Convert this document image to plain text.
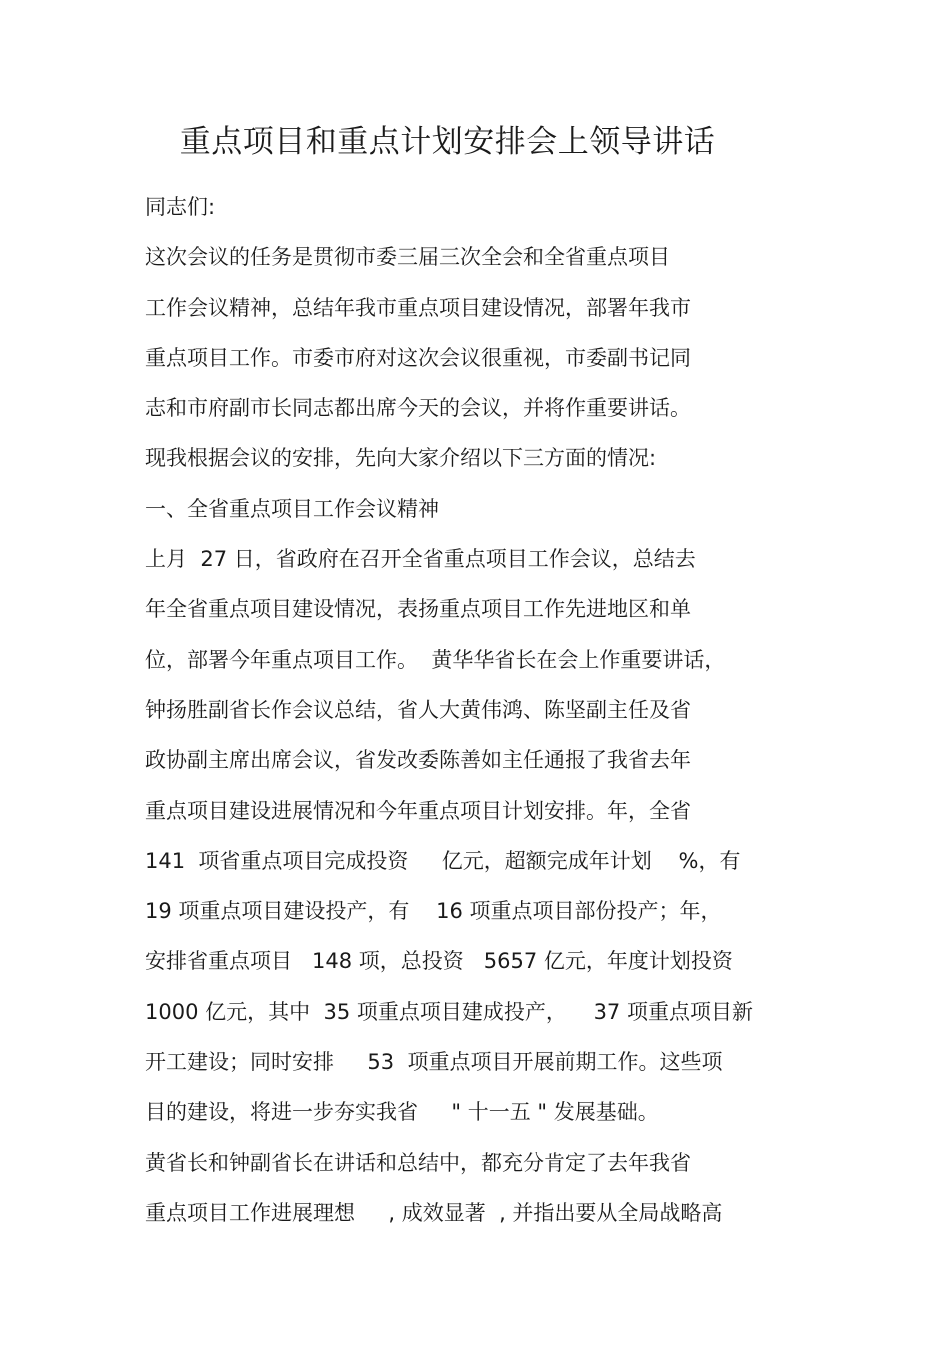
重点项目和重点计划安排会上领导讲话

同志们:

这次会议的任务是贯彻市委三届三次全会和全省重点项目

工作会议精神，总结年我市重点项目建设情况，部署年我市

重点项目工作。市委市府对这次会议很重视，市委副书记同

志和市府副市长同志都出席今天的会议，并将作重要讲话。

现我根据会议的安排，先向大家介绍以下三方面的情况:

一、全省重点项目工作会议精神

上月  27 日，省政府在召开全省重点项目工作会议，总结去

年全省重点项目建设情况，表扬重点项目工作先进地区和单

位，部署今年重点项目工作。  黄华华省长在会上作重要讲话，

钟扬胜副省长作会议总结，省人大黄伟鸿、陈坚副主任及省

政协副主席出席会议，省发改委陈善如主任通报了我省去年

重点项目建设进展情况和今年重点项目计划安排。年，全省

141  项省重点项目完成投资     亿元，超额完成年计划    %，有

19 项重点项目建设投产，有    16 项重点项目部份投产；年，

安排省重点项目   148 项，总投资   5657 亿元，年度计划投资

1000 亿元，其中  35 项重点项目建成投产，    37 项重点项目新

开工建设；同时安排     53  项重点项目开展前期工作。这些项

目的建设，将进一步夯实我省     " 十一五 " 发展基础。

黄省长和钟副省长在讲话和总结中，都充分肯定了去年我省

重点项目工作进展理想     , 成效显著  , 并指出要从全局战略高
